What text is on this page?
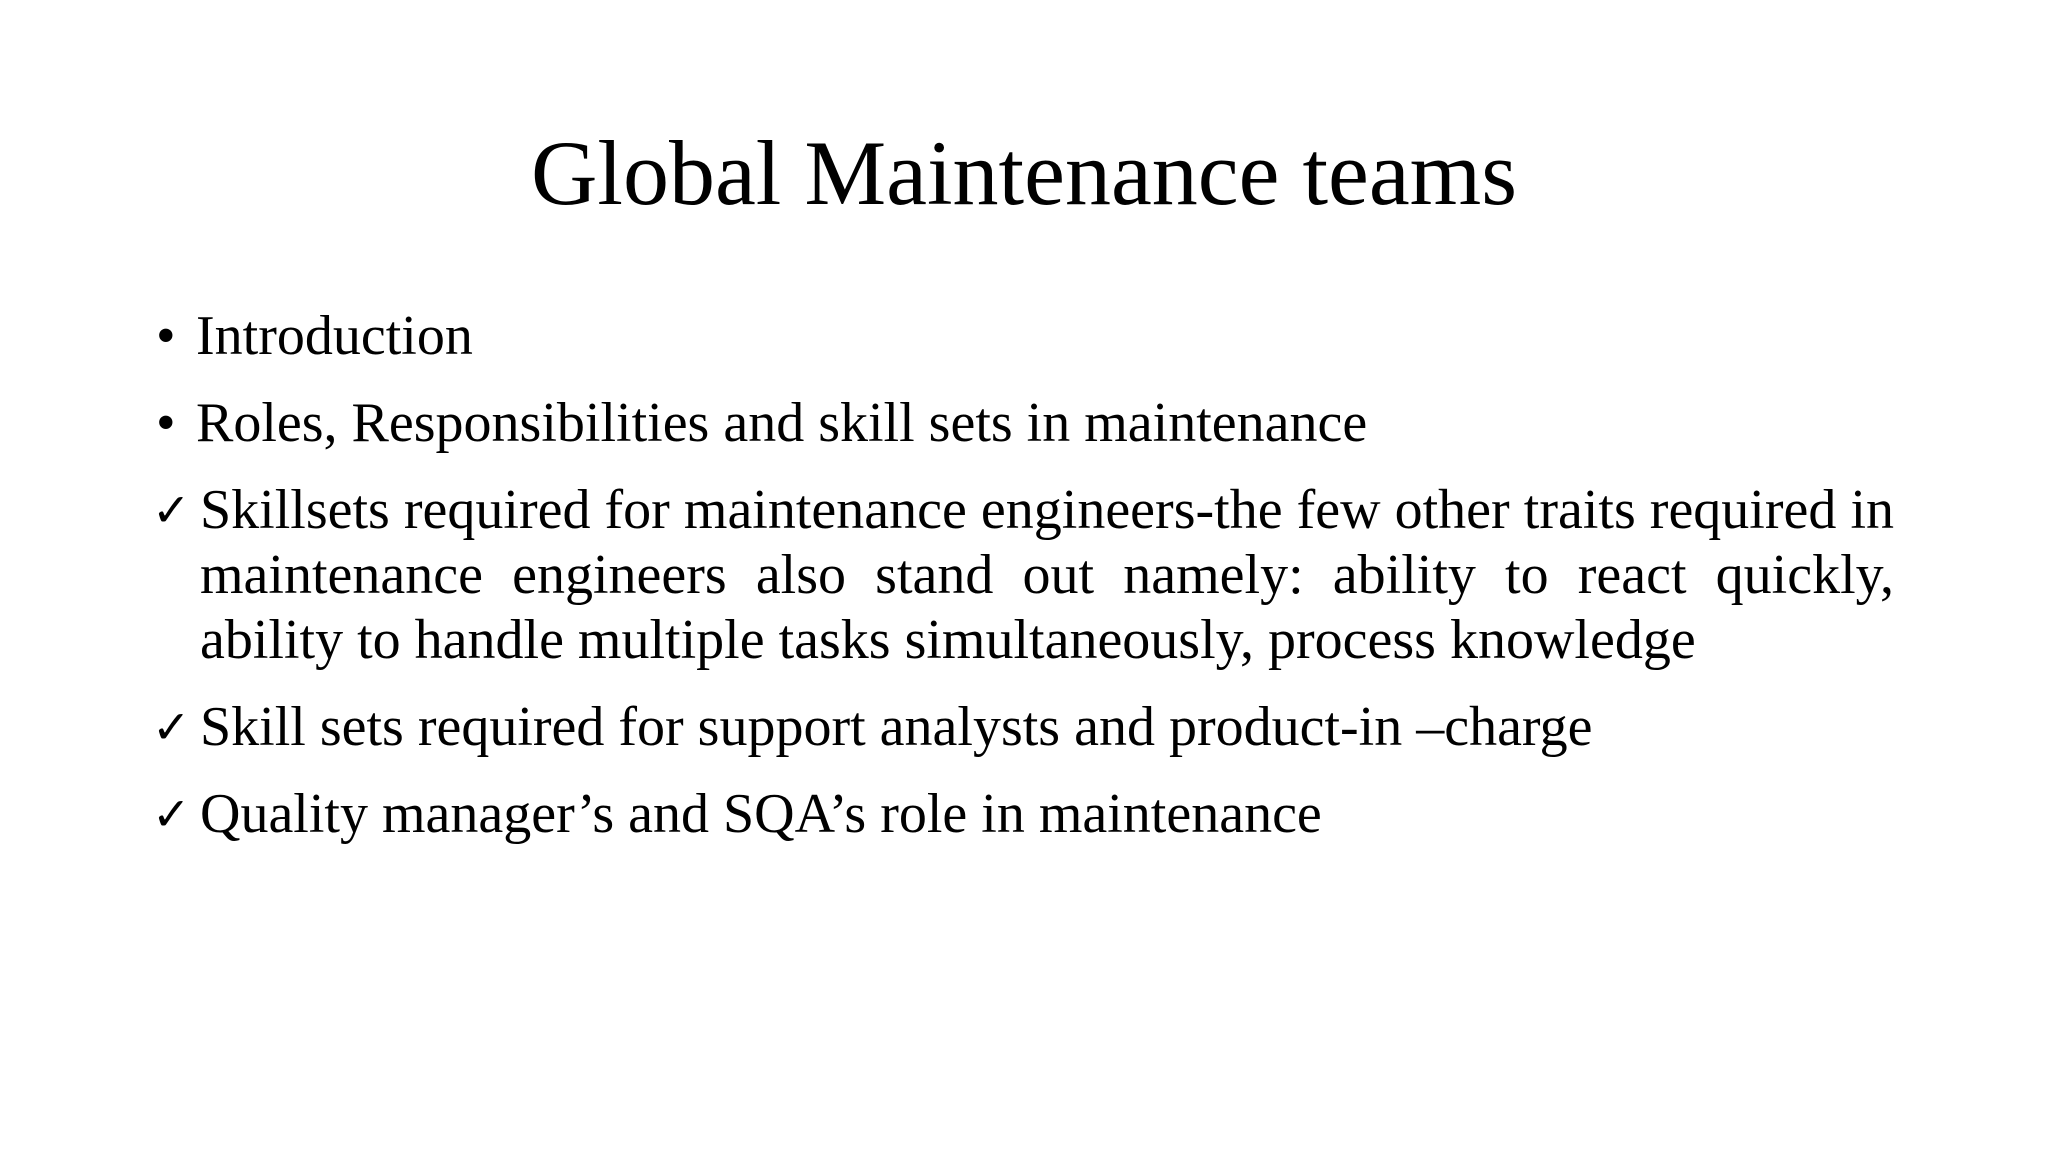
Global Maintenance teams
• Introduction
• Roles, Responsibilities and skill sets in maintenance
✓ Skillsets required for maintenance engineers-the few other traits required in maintenance engineers also stand out namely: ability to react quickly, ability to handle multiple tasks simultaneously, process knowledge
✓ Skill sets required for support analysts and product-in –charge
✓ Quality manager’s and SQA’s role in maintenance
